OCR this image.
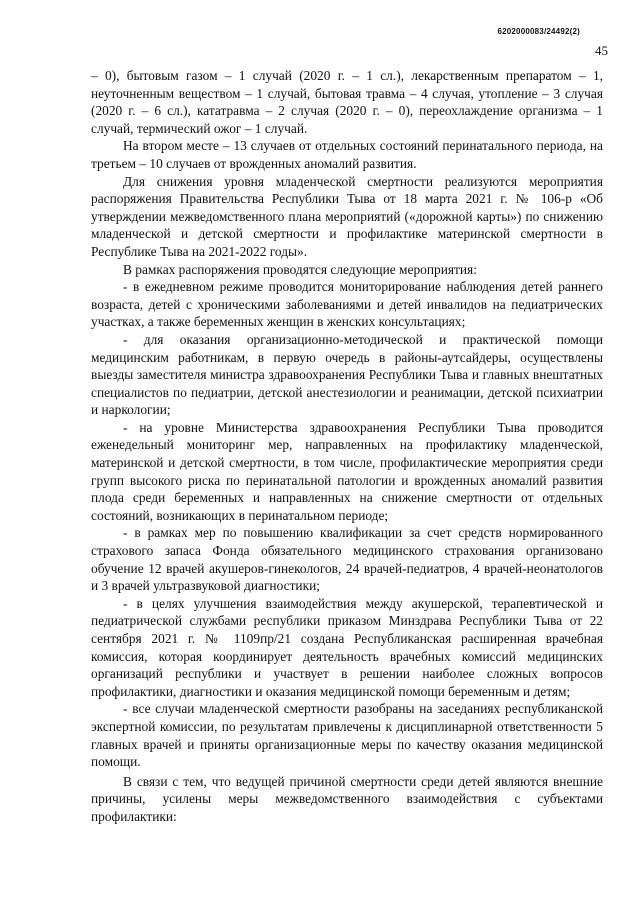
6202000083/24492(2)
45

– 0), бытовым газом – 1 случай (2020 г. – 1 сл.), лекарственным препаратом – 1, неуточненным веществом – 1 случай, бытовая травма – 4 случая, утопление – 3 случая (2020 г. – 6 сл.), кататравма – 2 случая (2020 г. – 0), переохлаждение организма – 1 случай, термический ожог – 1 случай.

На втором месте – 13 случаев от отдельных состояний перинатального периода, на третьем – 10 случаев от врожденных аномалий развития.

Для снижения уровня младенческой смертности реализуются мероприятия распоряжения Правительства Республики Тыва от 18 марта 2021 г. № 106-р «Об утверждении межведомственного плана мероприятий («дорожной карты») по снижению младенческой и детской смертности и профилактике материнской смертности в Республике Тыва на 2021-2022 годы».

В рамках распоряжения проводятся следующие мероприятия:

- в ежедневном режиме проводится мониторирование наблюдения детей раннего возраста, детей с хроническими заболеваниями и детей инвалидов на педиатрических участках, а также беременных женщин в женских консультациях;

- для оказания организационно-методической и практической помощи медицинским работникам, в первую очередь в районы-аутсайдеры, осуществлены выезды заместителя министра здравоохранения Республики Тыва и главных внештатных специалистов по педиатрии, детской анестезиологии и реанимации, детской психиатрии и наркологии;

- на уровне Министерства здравоохранения Республики Тыва проводится еженедельный мониторинг мер, направленных на профилактику младенческой, материнской и детской смертности, в том числе, профилактические мероприятия среди групп высокого риска по перинатальной патологии и врожденных аномалий развития плода среди беременных и направленных на снижение смертности от отдельных состояний, возникающих в перинатальном периоде;

- в рамках мер по повышению квалификации за счет средств нормированного страхового запаса Фонда обязательного медицинского страхования организовано обучение 12 врачей акушеров-гинекологов, 24 врачей-педиатров, 4 врачей-неонатологов и 3 врачей ультразвуковой диагностики;

- в целях улучшения взаимодействия между акушерской, терапевтической и педиатрической службами республики приказом Минздрава Республики Тыва от 22 сентября 2021 г. № 1109пр/21 создана Республиканская расширенная врачебная комиссия, которая координирует деятельность врачебных комиссий медицинских организаций республики и участвует в решении наиболее сложных вопросов профилактики, диагностики и оказания медицинской помощи беременным и детям;

- все случаи младенческой смертности разобраны на заседаниях республиканской экспертной комиссии, по результатам привлечены к дисциплинарной ответственности 5 главных врачей и приняты организационные меры по качеству оказания медицинской помощи.

В связи с тем, что ведущей причиной смертности среди детей являются внешние причины, усилены меры межведомственного взаимодействия с субъектами профилактики:
